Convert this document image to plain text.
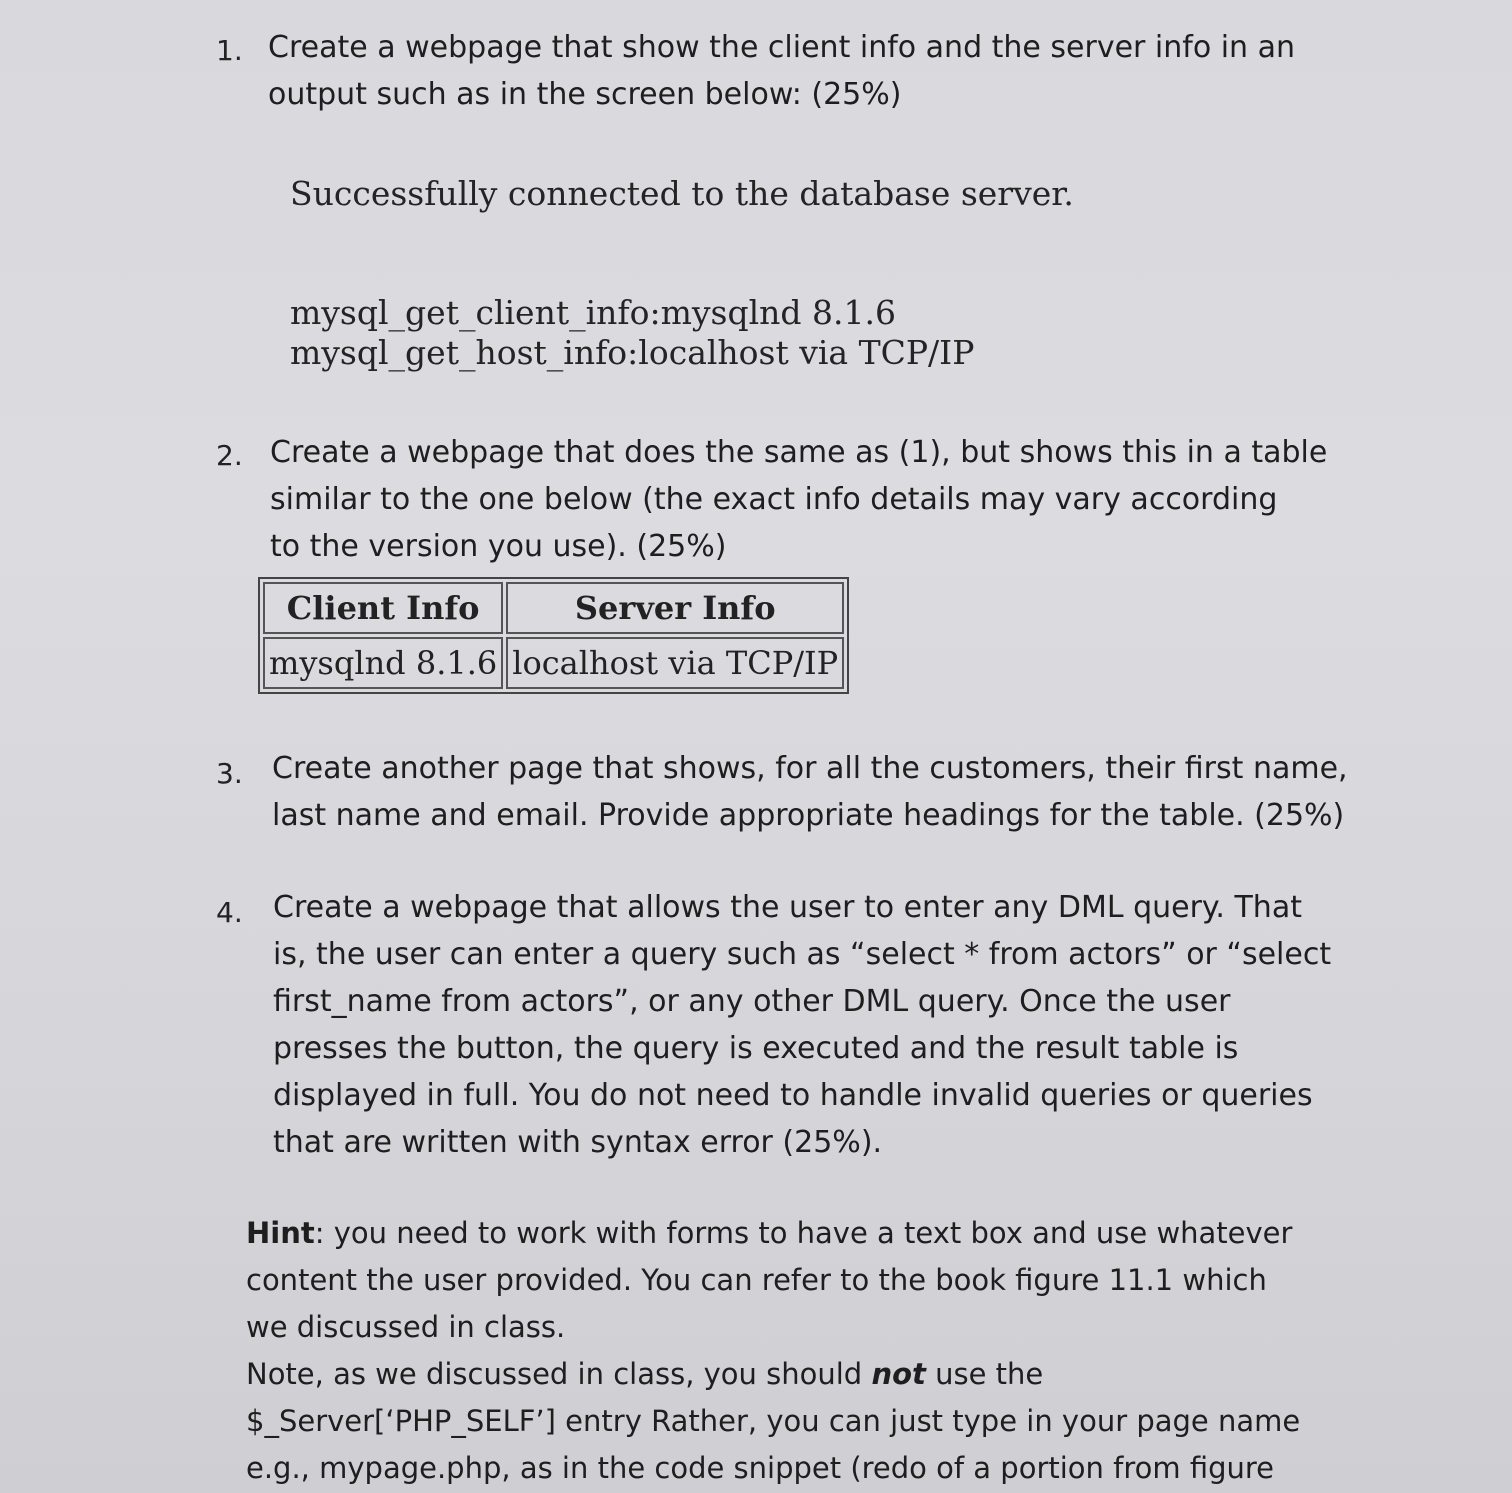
1. Create a webpage that show the client info and the server info in an
output such as in the screen below: (25%)
Successfully connected to the database server.
mysql_get_client_info:mysqlnd 8.1.6
mysql_get_host_info:localhost via TCP/IP
2. Create a webpage that does the same as (1), but shows this in a table
similar to the one below (the exact info details may vary according
to the version you use). (25%)
Client Info	Server Info
mysqlnd 8.1.6	localhost via TCP/IP
3. Create another page that shows, for all the customers, their first name,
last name and email. Provide appropriate headings for the table. (25%)
4. Create a webpage that allows the user to enter any DML query. That
is, the user can enter a query such as “select * from actors” or “select
first_name from actors”, or any other DML query. Once the user
presses the button, the query is executed and the result table is
displayed in full. You do not need to handle invalid queries or queries
that are written with syntax error (25%).
Hint: you need to work with forms to have a text box and use whatever
content the user provided. You can refer to the book figure 11.1 which
we discussed in class.
Note, as we discussed in class, you should not use the
$_Server[‘PHP_SELF’] entry Rather, you can just type in your page name
e.g., mypage.php, as in the code snippet (redo of a portion from figure
